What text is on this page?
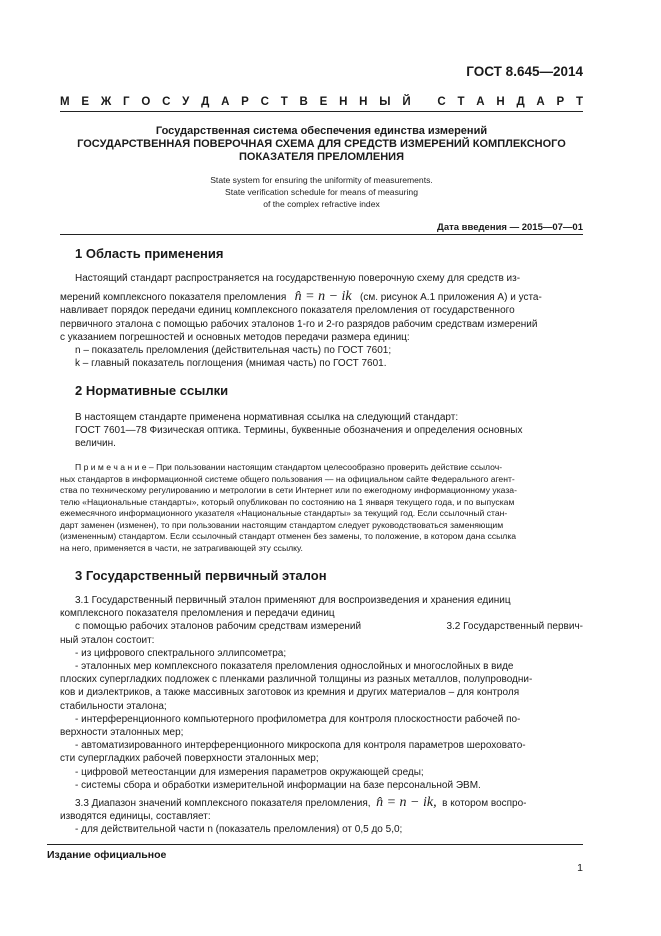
ГОСТ 8.645—2014
М Е Ж Г О С У Д А Р С Т В Е Н Н Ы Й
С Т А Н Д А Р Т
Государственная система обеспечения единства измерений
ГОСУДАРСТВЕННАЯ ПОВЕРОЧНАЯ СХЕМА ДЛЯ СРЕДСТВ ИЗМЕРЕНИЙ КОМПЛЕКСНОГО
ПОКАЗАТЕЛЯ ПРЕЛОМЛЕНИЯ
State system for ensuring the uniformity of measurements.
State verification schedule for means of measuring
of the complex refractive index
Дата введения — 2015—07—01
1 Область применения
Настоящий стандарт распространяется на государственную поверочную схему для средств из-
мерений комплексного показателя преломления n̂ = n − ik (см. рисунок А.1 приложения А) и уста-
навливает порядок передачи единиц комплексного показателя преломления от государственного
первичного эталона с помощью рабочих эталонов 1-го и 2-го разрядов рабочим средствам измерений
с указанием погрешностей и основных методов передачи размера единиц:
n – показатель преломления (действительная часть) по ГОСТ 7601;
k – главный показатель поглощения (мнимая часть) по ГОСТ 7601.
2 Нормативные ссылки
В настоящем стандарте применена нормативная ссылка на следующий стандарт:
ГОСТ 7601—78 Физическая оптика. Термины, буквенные обозначения и определения основных
величин.
П р и м е ч а н и е – При пользовании настоящим стандартом целесообразно проверить действие ссылоч-
ных стандартов в информационной системе общего пользования — на официальном сайте Федерального агент-
ства по техническому регулированию и метрологии в сети Интернет или по ежегодному информационному указа-
телю «Национальные стандарты», который опубликован по состоянию на 1 января текущего года, и по выпускам
ежемесячного информационного указателя «Национальные стандарты» за текущий год. Если ссылочный стан-
дарт заменен (изменен), то при пользовании настоящим стандартом следует руководствоваться заменяющим
(измененным) стандартом. Если ссылочный стандарт отменен без замены, то положение, в котором дана ссылка
на него, применяется в части, не затрагивающей эту ссылку.
3 Государственный первичный эталон
3.1 Государственный первичный эталон применяют для воспроизведения и хранения единиц
комплексного показателя преломления и передачи единиц
с помощью рабочих эталонов рабочим средствам измерений	3.2 Государственный первич-
ный эталон состоит:
- из цифрового спектрального эллипсометра;
- эталонных мер комплексного показателя преломления однослойных и многослойных в виде
плоских супергладких подложек с пленками различной толщины из разных металлов, полупроводни-
ков и диэлектриков, а также массивных заготовок из кремния и других материалов – для контроля
стабильности эталона;
- интерференционного компьютерного профилометра для контроля плоскостности рабочей по-
верхности эталонных мер;
- автоматизированного интерференционного микроскопа для контроля параметров шероховато-
сти супергладких рабочей поверхности эталонных мер;
- цифровой метеостанции для измерения параметров окружающей среды;
- системы сбора и обработки измерительной информации на базе персональной ЭВМ.
3.3 Диапазон значений комплексного показателя преломления, n̂ = n − ik, в котором воспро-
изводятся единицы, составляет:
- для действительной части n (показатель преломления) от 0,5 до 5,0;
Издание официальное
1
